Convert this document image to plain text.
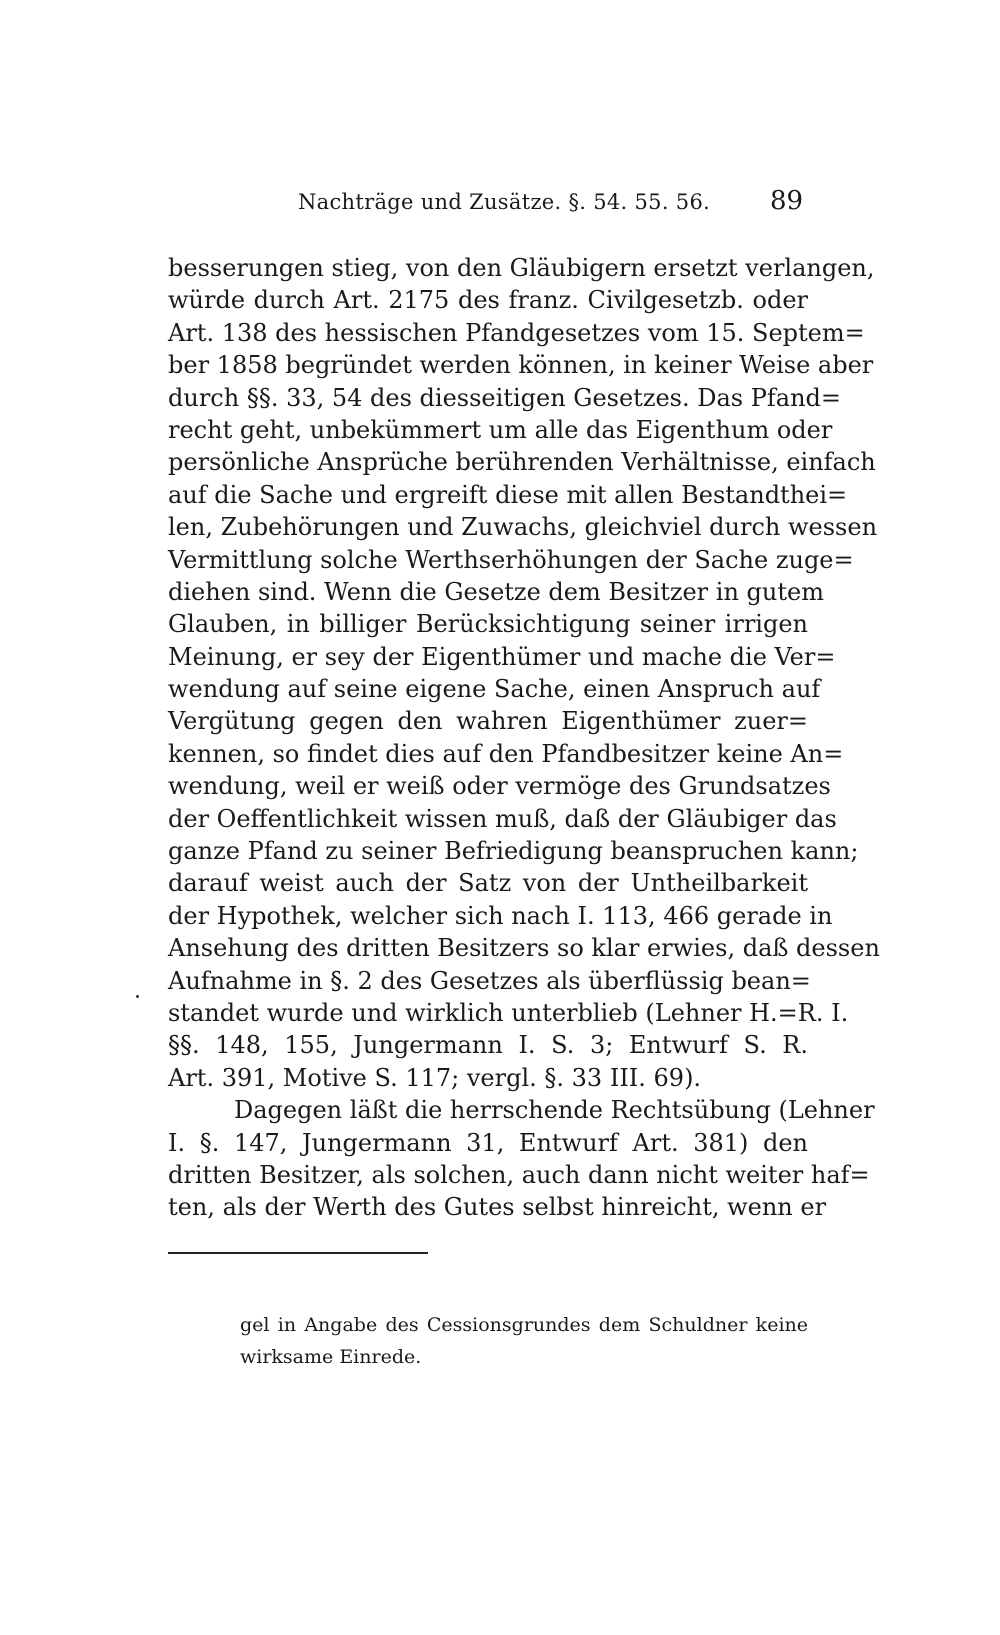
Nachträge und Zusätze. §. 54. 55. 56. 89
besserungen stieg, von den Gläubigern ersetzt verlangen,
würde durch Art. 2175 des franz. Civilgesetzb. oder
Art. 138 des hessischen Pfandgesetzes vom 15. Septem=
ber 1858 begründet werden können, in keiner Weise aber
durch §§. 33, 54 des diesseitigen Gesetzes. Das Pfand=
recht geht, unbekümmert um alle das Eigenthum oder
persönliche Ansprüche berührenden Verhältnisse, einfach
auf die Sache und ergreift diese mit allen Bestandthei=
len, Zubehörungen und Zuwachs, gleichviel durch wessen
Vermittlung solche Werthserhöhungen der Sache zuge=
diehen sind. Wenn die Gesetze dem Besitzer in gutem
Glauben, in billiger Berücksichtigung seiner irrigen
Meinung, er sey der Eigenthümer und mache die Ver=
wendung auf seine eigene Sache, einen Anspruch auf
Vergütung gegen den wahren Eigenthümer zuer=
kennen, so findet dies auf den Pfandbesitzer keine An=
wendung, weil er weiß oder vermöge des Grundsatzes
der Oeffentlichkeit wissen muß, daß der Gläubiger das
ganze Pfand zu seiner Befriedigung beanspruchen kann;
darauf weist auch der Satz von der Untheilbarkeit
der Hypothek, welcher sich nach I. 113, 466 gerade in
Ansehung des dritten Besitzers so klar erwies, daß dessen
Aufnahme in §. 2 des Gesetzes als überflüssig bean=
standet wurde und wirklich unterblieb (Lehner H.=R. I.
§§. 148, 155, Jungermann I. S. 3; Entwurf S. R.
Art. 391, Motive S. 117; vergl. §. 33 III. 69).
Dagegen läßt die herrschende Rechtsübung (Lehner
I. §. 147, Jungermann 31, Entwurf Art. 381) den
dritten Besitzer, als solchen, auch dann nicht weiter haf=
ten, als der Werth des Gutes selbst hinreicht, wenn er
gel in Angabe des Cessionsgrundes dem Schuldner keine
wirksame Einrede.
